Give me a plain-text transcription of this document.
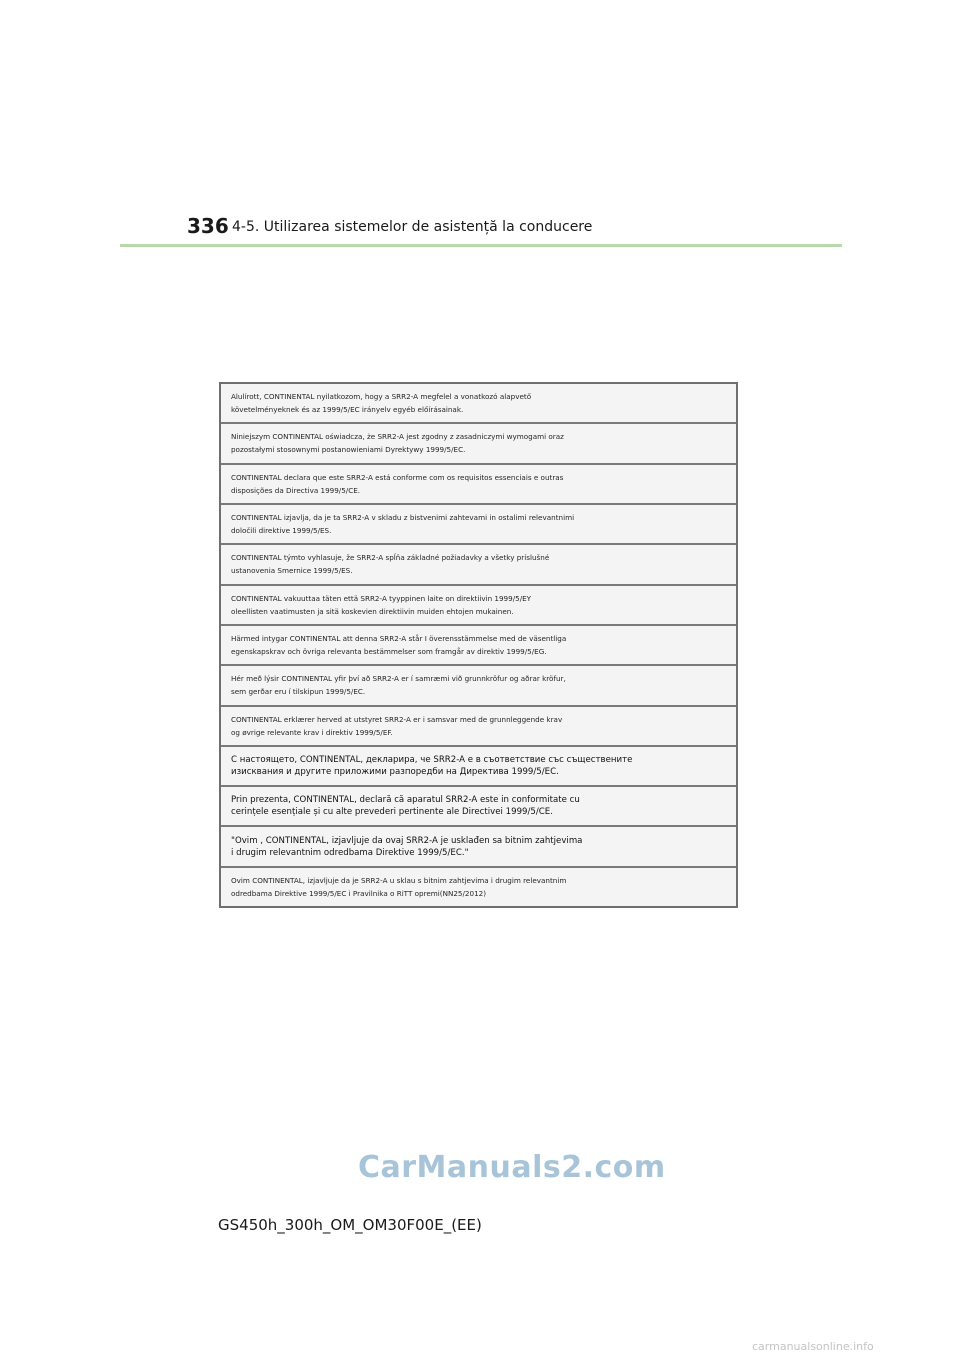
336 4-5. Utilizarea sistemelor de asistență la conducere
Alulírott, CONTINENTAL nyilatkozom, hogy a SRR2-A megfelel a vonatkozó alapvető
követelményeknek és az 1999/5/EC irányelv egyéb előírásainak.
Niniejszym CONTINENTAL oświadcza, że SRR2-A jest zgodny z zasadniczymi wymogami oraz
pozostałymi stosownymi postanowieniami Dyrektywy 1999/5/EC.
CONTINENTAL declara que este SRR2-A está conforme com os requisitos essenciais e outras
disposições da Directiva 1999/5/CE.
CONTINENTAL izjavlja, da je ta SRR2-A v skladu z bistvenimi zahtevami in ostalimi relevantnimi
določili direktive 1999/5/ES.
CONTINENTAL týmto vyhlasuje, že SRR2-A spĺňa základné požiadavky a všetky príslušné
ustanovenia Smernice 1999/5/ES.
CONTINENTAL vakuuttaa täten että SRR2-A tyyppinen laite on direktiivin 1999/5/EY
oleellisten vaatimusten ja sitä koskevien direktiivin muiden ehtojen mukainen.
Härmed intygar CONTINENTAL att denna SRR2-A står I överensstämmelse med de väsentliga
egenskapskrav och övriga relevanta bestämmelser som framgår av direktiv 1999/5/EG.
Hér með lýsir CONTINENTAL yfir því að SRR2-A er í samræmi við grunnkröfur og aðrar kröfur,
sem gerðar eru í tilskipun 1999/5/EC.
CONTINENTAL erklærer herved at utstyret SRR2-A er i samsvar med de grunnleggende krav
og øvrige relevante krav i direktiv 1999/5/EF.
С настоящето, CONTINENTAL, декларира, че SRR2-A е в съответствие със съществените
изисквания и другите приложими разпоредби на Директива 1999/5/EC.
Prin prezenta, CONTINENTAL, declară că aparatul SRR2-A este in conformitate cu
cerințele esențiale și cu alte prevederi pertinente ale Directivei 1999/5/CE.
"Ovim , CONTINENTAL, izjavljuje da ovaj SRR2-A je usklađen sa bitnim zahtjevima
i drugim relevantnim odredbama Direktive 1999/5/EC."
Ovim CONTINENTAL, izjavljuje da je SRR2-A u sklau s bitnim zahtjevima i drugim relevantnim
odredbama Direktive 1999/5/EC i Pravilnika o RiTT opremi(NN25/2012)
CarManuals2.com
GS450h_300h_OM_OM30F00E_(EE)
carmanualsonline.info
